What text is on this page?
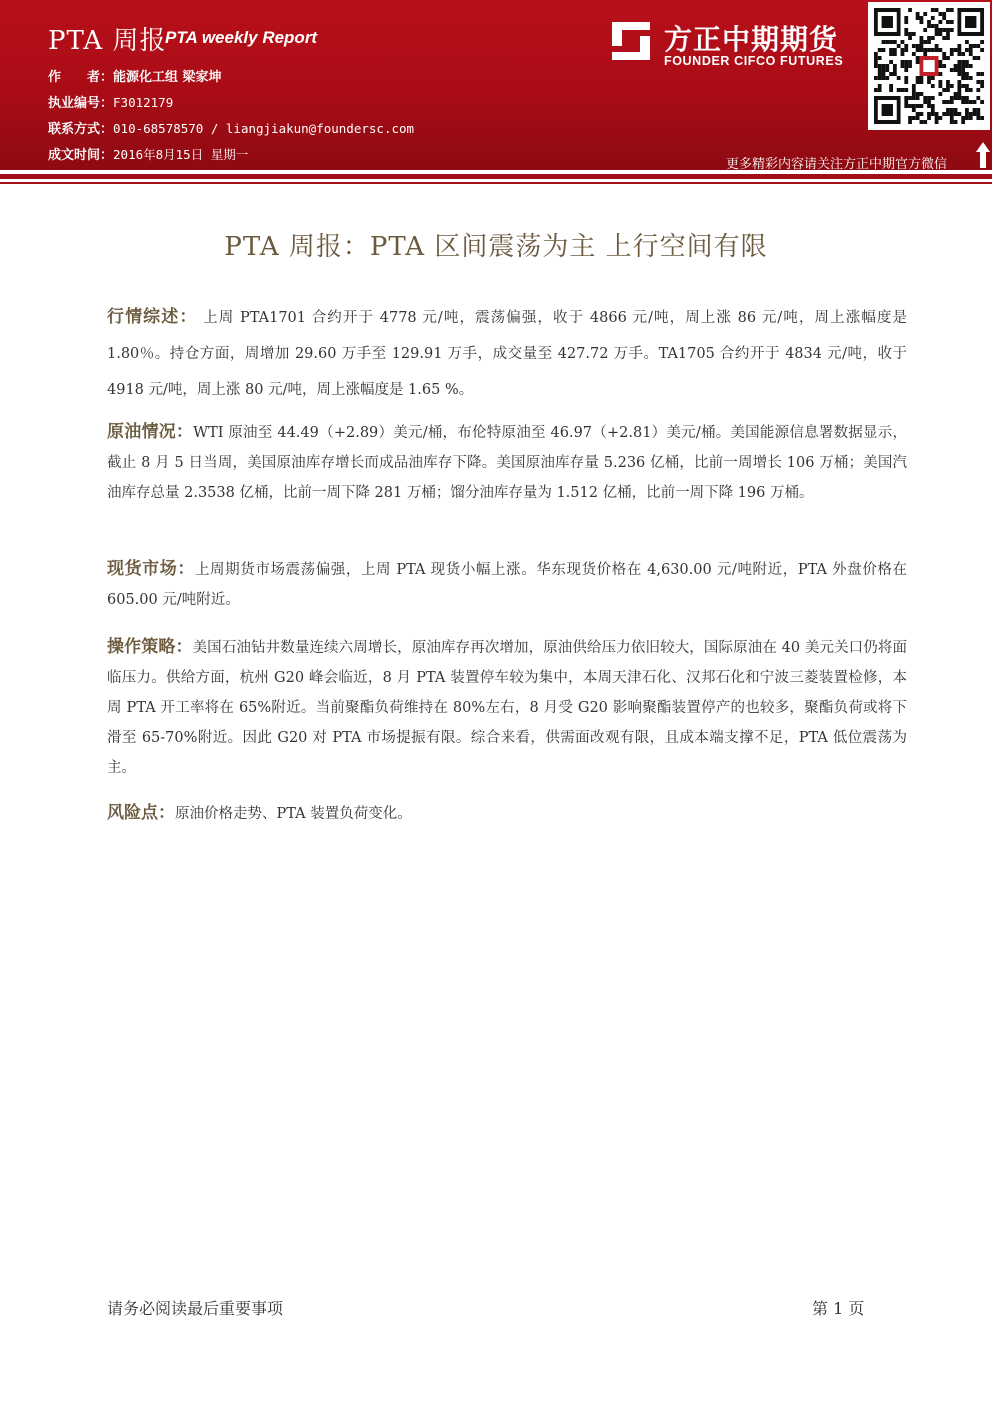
PTA 周报
PTA weekly Report
作　　者：能源化工组 梁家坤
执业编号：F3012179
联系方式：010-68578570 / liangjiakun@foundersc.com
成文时间：2016年8月15日 星期一
方正中期期货
FOUNDER CIFCO FUTURES
更多精彩内容请关注方正中期官方微信
PTA 周报：PTA 区间震荡为主 上行空间有限
行情综述： 上周 PTA1701 合约开于 4778 元/吨，震荡偏强，收于 4866 元/吨，周上涨 86 元/吨，周上涨幅度是 1.80％。持仓方面，周增加 29.60 万手至 129.91 万手，成交量至 427.72 万手。TA1705 合约开于 4834 元/吨，收于 4918 元/吨，周上涨 80 元/吨，周上涨幅度是 1.65 %。
原油情况：WTI 原油至 44.49（+2.89）美元/桶，布伦特原油至 46.97（+2.81）美元/桶。美国能源信息署数据显示，截止 8 月 5 日当周，美国原油库存增长而成品油库存下降。美国原油库存量 5.236 亿桶，比前一周增长 106 万桶；美国汽油库存总量 2.3538 亿桶，比前一周下降 281 万桶；馏分油库存量为 1.512 亿桶，比前一周下降 196 万桶。
现货市场：上周期货市场震荡偏强，上周 PTA 现货小幅上涨。华东现货价格在 4,630.00 元/吨附近，PTA 外盘价格在 605.00 元/吨附近。
操作策略：美国石油钻井数量连续六周增长，原油库存再次增加，原油供给压力依旧较大，国际原油在 40 美元关口仍将面临压力。供给方面，杭州 G20 峰会临近，8 月 PTA 装置停车较为集中，本周天津石化、汉邦石化和宁波三菱装置检修，本周 PTA 开工率将在 65%附近。当前聚酯负荷维持在 80%左右，8 月受 G20 影响聚酯装置停产的也较多，聚酯负荷或将下滑至 65-70%附近。因此 G20 对 PTA 市场提振有限。综合来看，供需面改观有限，且成本端支撑不足，PTA 低位震荡为主。
风险点：原油价格走势、PTA 装置负荷变化。
请务必阅读最后重要事项	第 1 页
